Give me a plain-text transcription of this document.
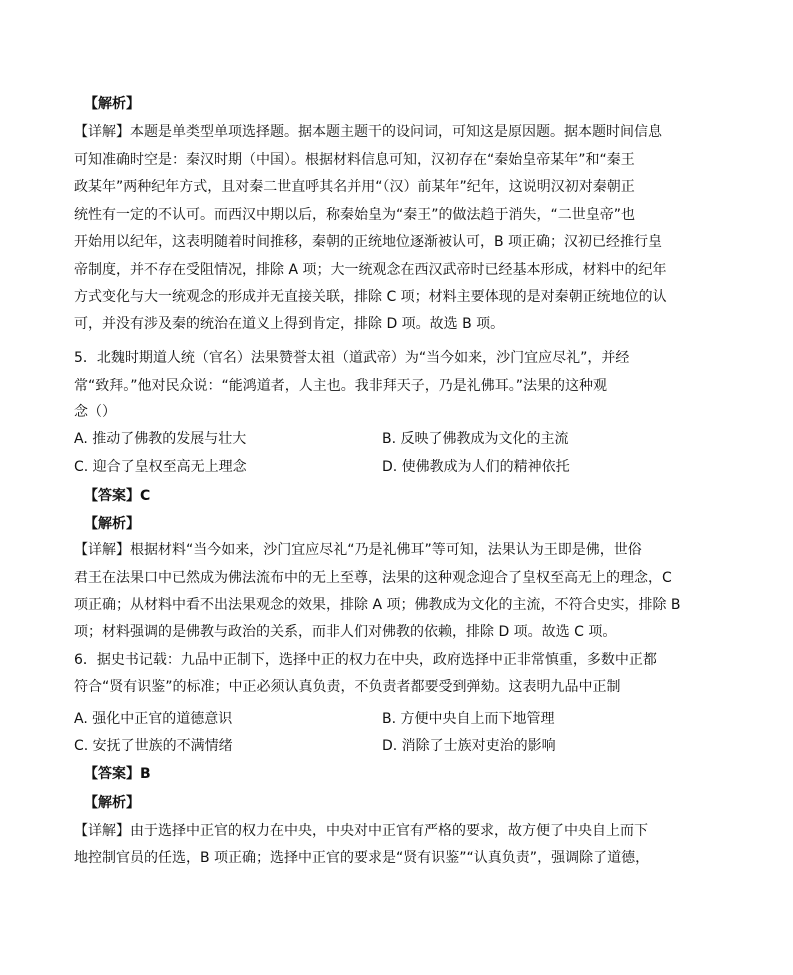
【解析】
【详解】本题是单类型单项选择题。据本题主题干的设问词，可知这是原因题。据本题时间信息
可知准确时空是：秦汉时期（中国）。根据材料信息可知，汉初存在“秦始皇帝某年”和“秦王
政某年”两种纪年方式，且对秦二世直呼其名并用“（汉）前某年”纪年，这说明汉初对秦朝正
统性有一定的不认可。而西汉中期以后，称秦始皇为“秦王”的做法趋于消失，“二世皇帝”也
开始用以纪年，这表明随着时间推移，秦朝的正统地位逐渐被认可，B 项正确；汉初已经推行皇
帝制度，并不存在受阻情况，排除 A 项；大一统观念在西汉武帝时已经基本形成，材料中的纪年
方式变化与大一统观念的形成并无直接关联，排除 C 项；材料主要体现的是对秦朝正统地位的认
可，并没有涉及秦的统治在道义上得到肯定，排除 D 项。故选 B 项。
5．北魏时期道人统（官名）法果赞誉太祖（道武帝）为“当今如来，沙门宜应尽礼”，并经
常“致拜。”他对民众说：“能鸿道者，人主也。我非拜天子，乃是礼佛耳。”法果的这种观
念（）
A. 推动了佛教的发展与壮大	B. 反映了佛教成为文化的主流
C. 迎合了皇权至高无上理念	D. 使佛教成为人们的精神依托
【答案】C
【解析】
【详解】根据材料“当今如来，沙门宜应尽礼“乃是礼佛耳”等可知，法果认为王即是佛，世俗
君王在法果口中已然成为佛法流布中的无上至尊，法果的这种观念迎合了皇权至高无上的理念，C
项正确；从材料中看不出法果观念的效果，排除 A 项；佛教成为文化的主流，不符合史实，排除 B
项；材料强调的是佛教与政治的关系，而非人们对佛教的依赖，排除 D 项。故选 C 项。
6．据史书记载：九品中正制下，选择中正的权力在中央，政府选择中正非常慎重，多数中正都
符合“贤有识鉴”的标准；中正必须认真负责，不负责者都要受到弹劾。这表明九品中正制
A. 强化中正官的道德意识	B. 方便中央自上而下地管理
C. 安抚了世族的不满情绪	D. 消除了士族对吏治的影响
【答案】B
【解析】
【详解】由于选择中正官的权力在中央，中央对中正官有严格的要求，故方便了中央自上而下
地控制官员的任选，B 项正确；选择中正官的要求是“贤有识鉴”“认真负责”，强调除了道德，
